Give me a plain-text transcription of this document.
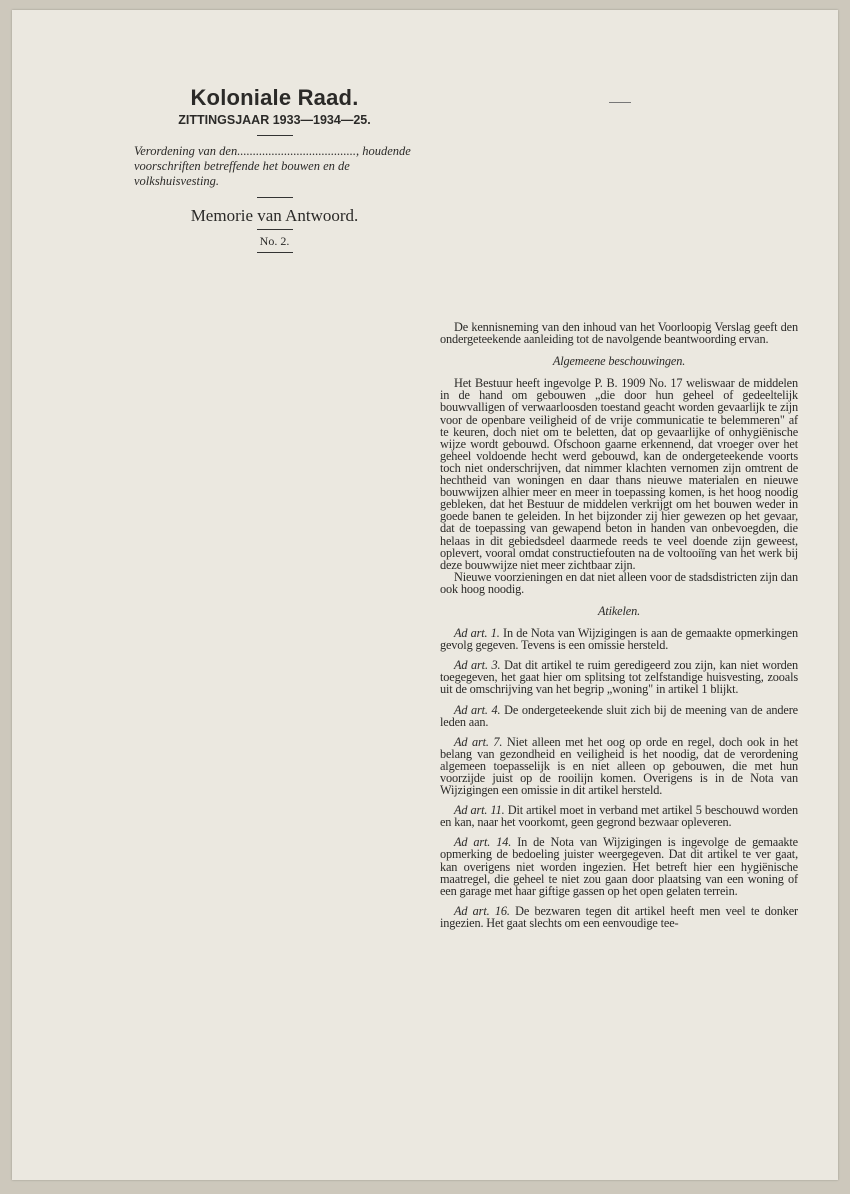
Koloniale Raad.
ZITTINGSJAAR 1933—1934—25.
Verordening van den......................................, houdende voorschriften betreffende het bouwen en de volkshuisvesting.
Memorie van Antwoord.
No. 2.

De kennisneming van den inhoud van het Voorloopig Verslag geeft den ondergeteekende aanleiding tot de navolgende beantwoording ervan.

Algemeene beschouwingen.

Het Bestuur heeft ingevolge P. B. 1909 No. 17 weliswaar de middelen in de hand om gebouwen „die door hun geheel of gedeeltelijk bouwvalligen of verwaarloosden toestand geacht worden gevaarlijk te zijn voor de openbare veiligheid of de vrije communicatie te belemmeren" af te keuren, doch niet om te beletten, dat op gevaarlijke of onhygiënische wijze wordt gebouwd. Ofschoon gaarne erkennend, dat vroeger over het geheel voldoende hecht werd gebouwd, kan de ondergeteekende voorts toch niet onderschrijven, dat nimmer klachten vernomen zijn omtrent de hechtheid van woningen en daar thans nieuwe materialen en nieuwe bouwwijzen alhier meer en meer in toepassing komen, is het hoog noodig gebleken, dat het Bestuur de middelen verkrijgt om het bouwen weder in goede banen te geleiden. In het bijzonder zij hier gewezen op het gevaar, dat de toepassing van gewapend beton in handen van onbevoegden, die helaas in dit gebiedsdeel daarmede reeds te veel doende zijn geweest, oplevert, vooral omdat constructiefouten na de voltooiïng van het werk bij deze bouwwijze niet meer zichtbaar zijn.

Nieuwe voorzieningen en dat niet alleen voor de stadsdistricten zijn dan ook hoog noodig.

Atikelen.

Ad art. 1. In de Nota van Wijzigingen is aan de gemaakte opmerkingen gevolg gegeven. Tevens is een omissie hersteld.

Ad art. 3. Dat dit artikel te ruim geredigeerd zou zijn, kan niet worden toegegeven, het gaat hier om splitsing tot zelfstandige huisvesting, zooals uit de omschrijving van het begrip „woning" in artikel 1 blijkt.

Ad art. 4. De ondergeteekende sluit zich bij de meening van de andere leden aan.

Ad art. 7. Niet alleen met het oog op orde en regel, doch ook in het belang van gezondheid en veiligheid is het noodig, dat de verordening algemeen toepasselijk is en niet alleen op gebouwen, die met hun voorzijde juist op de rooilijn komen. Overigens is in de Nota van Wijzigingen een omissie in dit artikel hersteld.

Ad art. 11. Dit artikel moet in verband met artikel 5 beschouwd worden en kan, naar het voorkomt, geen gegrond bezwaar opleveren.

Ad art. 14. In de Nota van Wijzigingen is ingevolge de gemaakte opmerking de bedoeling juister weergegeven. Dat dit artikel te ver gaat, kan overigens niet worden ingezien. Het betreft hier een hygiënische maatregel, die geheel te niet zou gaan door plaatsing van een woning of een garage met haar giftige gassen op het open gelaten terrein.

Ad art. 16. De bezwaren tegen dit artikel heeft men veel te donker ingezien. Het gaat slechts om een eenvoudige tee-
